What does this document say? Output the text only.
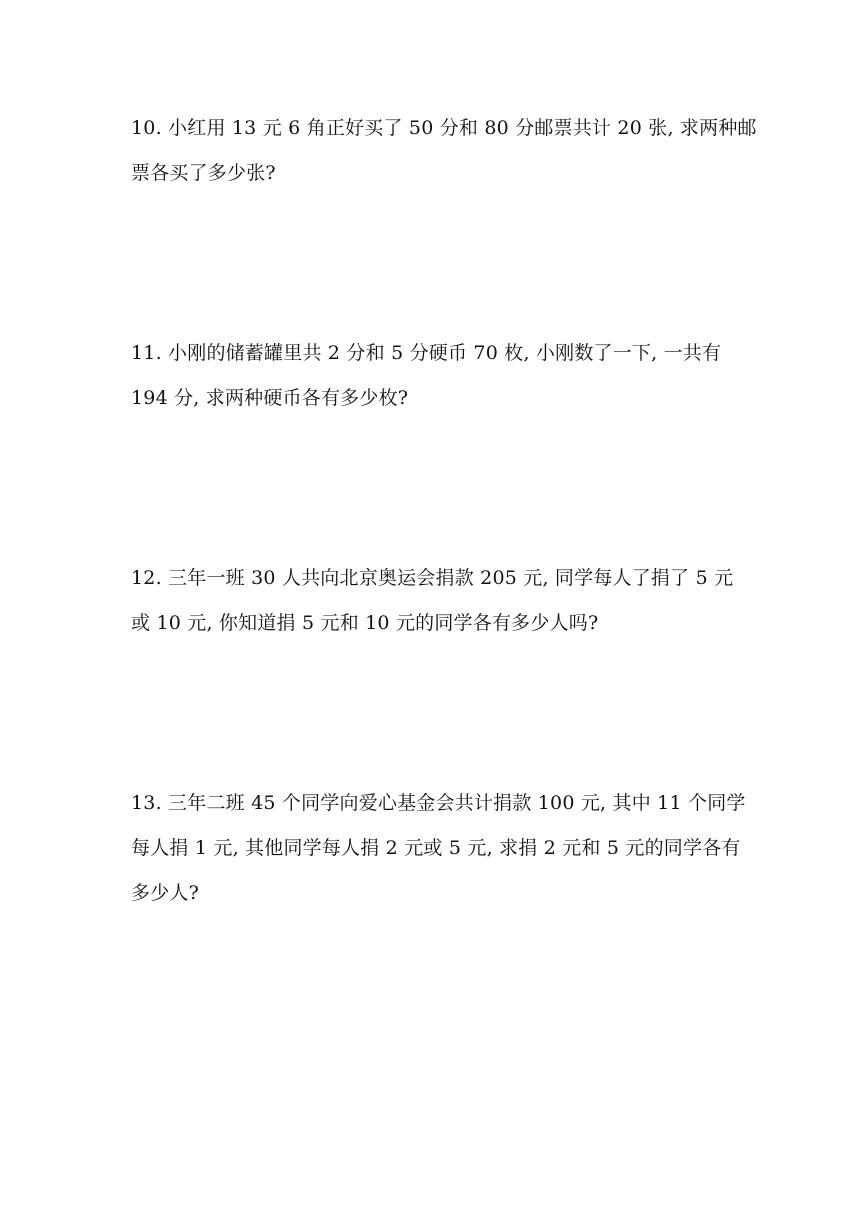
10. 小红用 13 元 6 角正好买了 50 分和 80 分邮票共计 20 张, 求两种邮
票各买了多少张?
11. 小刚的储蓄罐里共 2 分和 5 分硬币 70 枚, 小刚数了一下, 一共有
194 分, 求两种硬币各有多少枚?
12. 三年一班 30 人共向北京奥运会捐款 205 元, 同学每人了捐了 5 元
或 10 元, 你知道捐 5 元和 10 元的同学各有多少人吗?
13. 三年二班 45 个同学向爱心基金会共计捐款 100 元, 其中 11 个同学
每人捐 1 元, 其他同学每人捐 2 元或 5 元, 求捐 2 元和 5 元的同学各有
多少人?
